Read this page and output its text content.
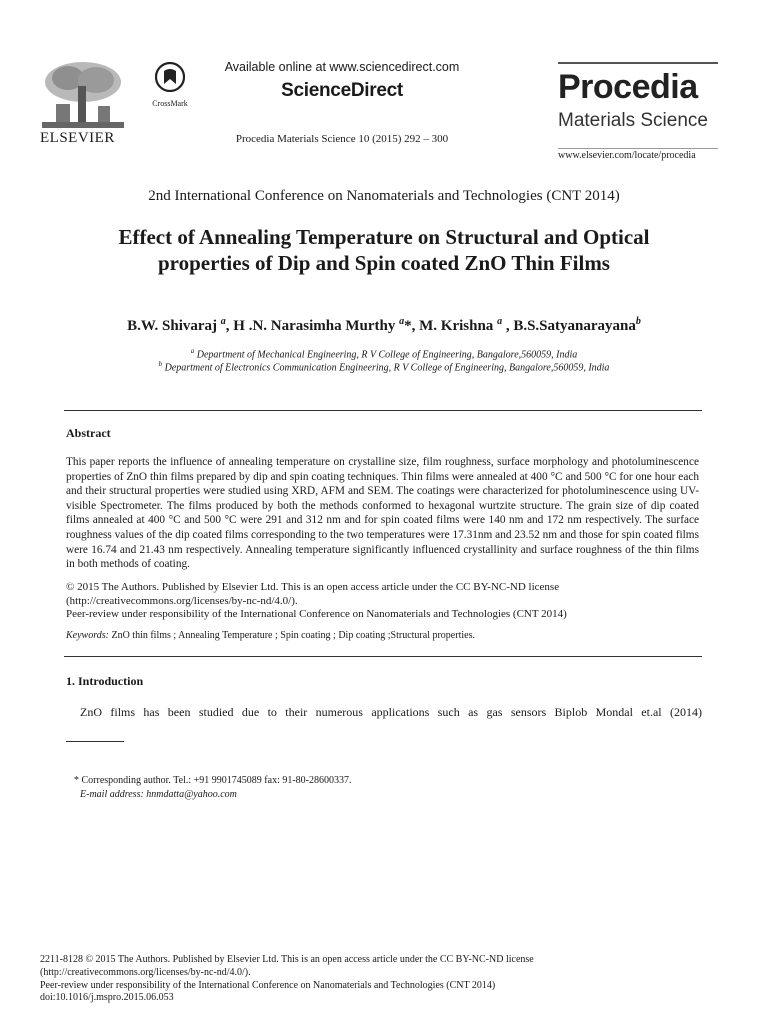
ELSEVIER
CrossMark
Available online at www.sciencedirect.com
ScienceDirect
Procedia Materials Science 10 (2015) 292 – 300
Procedia
Materials Science
www.elsevier.com/locate/procedia
2nd International Conference on Nanomaterials and Technologies (CNT 2014)
Effect of Annealing Temperature on Structural and Optical
properties of Dip and Spin coated ZnO Thin Films
B.W. Shivaraj $^a$, H .N. Narasimha Murthy $^a$*, M. Krishna $^a$ , B.S.Satyanarayana$^b$
$^a$ Department of Mechanical Engineering, R V College of Engineering, Bangalore,560059, India
$^b$ Department of Electronics Communication Engineering, R V College of Engineering, Bangalore,560059, India
Abstract
This paper reports the influence of annealing temperature on crystalline size, film roughness, surface morphology and photoluminescence properties of ZnO thin films prepared by dip and spin coating techniques. Thin films were annealed at 400 °C and 500 °C for one hour each and their structural properties were studied using XRD, AFM and SEM. The coatings were characterized for photoluminescence using UV-visible Spectrometer. The films produced by both the methods conformed to hexagonal wurtzite structure. The grain size of dip coated films annealed at 400 °C and 500 °C were 291 and 312 nm and for spin coated films were 140 nm and 172 nm respectively. The surface roughness values of the dip coated films corresponding to the two temperatures were 17.31nm and 23.52 nm and those for spin coated films were 16.74 and 21.43 nm respectively. Annealing temperature significantly influenced crystallinity and surface roughness of the thin films in both methods of coating.
© 2015 The Authors. Published by Elsevier Ltd. This is an open access article under the CC BY-NC-ND license
(http://creativecommons.org/licenses/by-nc-nd/4.0/).
Peer-review under responsibility of the International Conference on Nanomaterials and Technologies (CNT 2014)
Keywords: ZnO thin films ; Annealing Temperature ; Spin coating ; Dip coating ;Structural properties.
1. Introduction
ZnO films has been studied due to their numerous applications such as gas sensors Biplob Mondal et.al (2014)
* Corresponding author. Tel.: +91 9901745089 fax: 91-80-28600337.
E-mail address: hnmdatta@yahoo.com
2211-8128 © 2015 The Authors. Published by Elsevier Ltd. This is an open access article under the CC BY-NC-ND license
(http://creativecommons.org/licenses/by-nc-nd/4.0/).
Peer-review under responsibility of the International Conference on Nanomaterials and Technologies (CNT 2014)
doi:10.1016/j.mspro.2015.06.053
